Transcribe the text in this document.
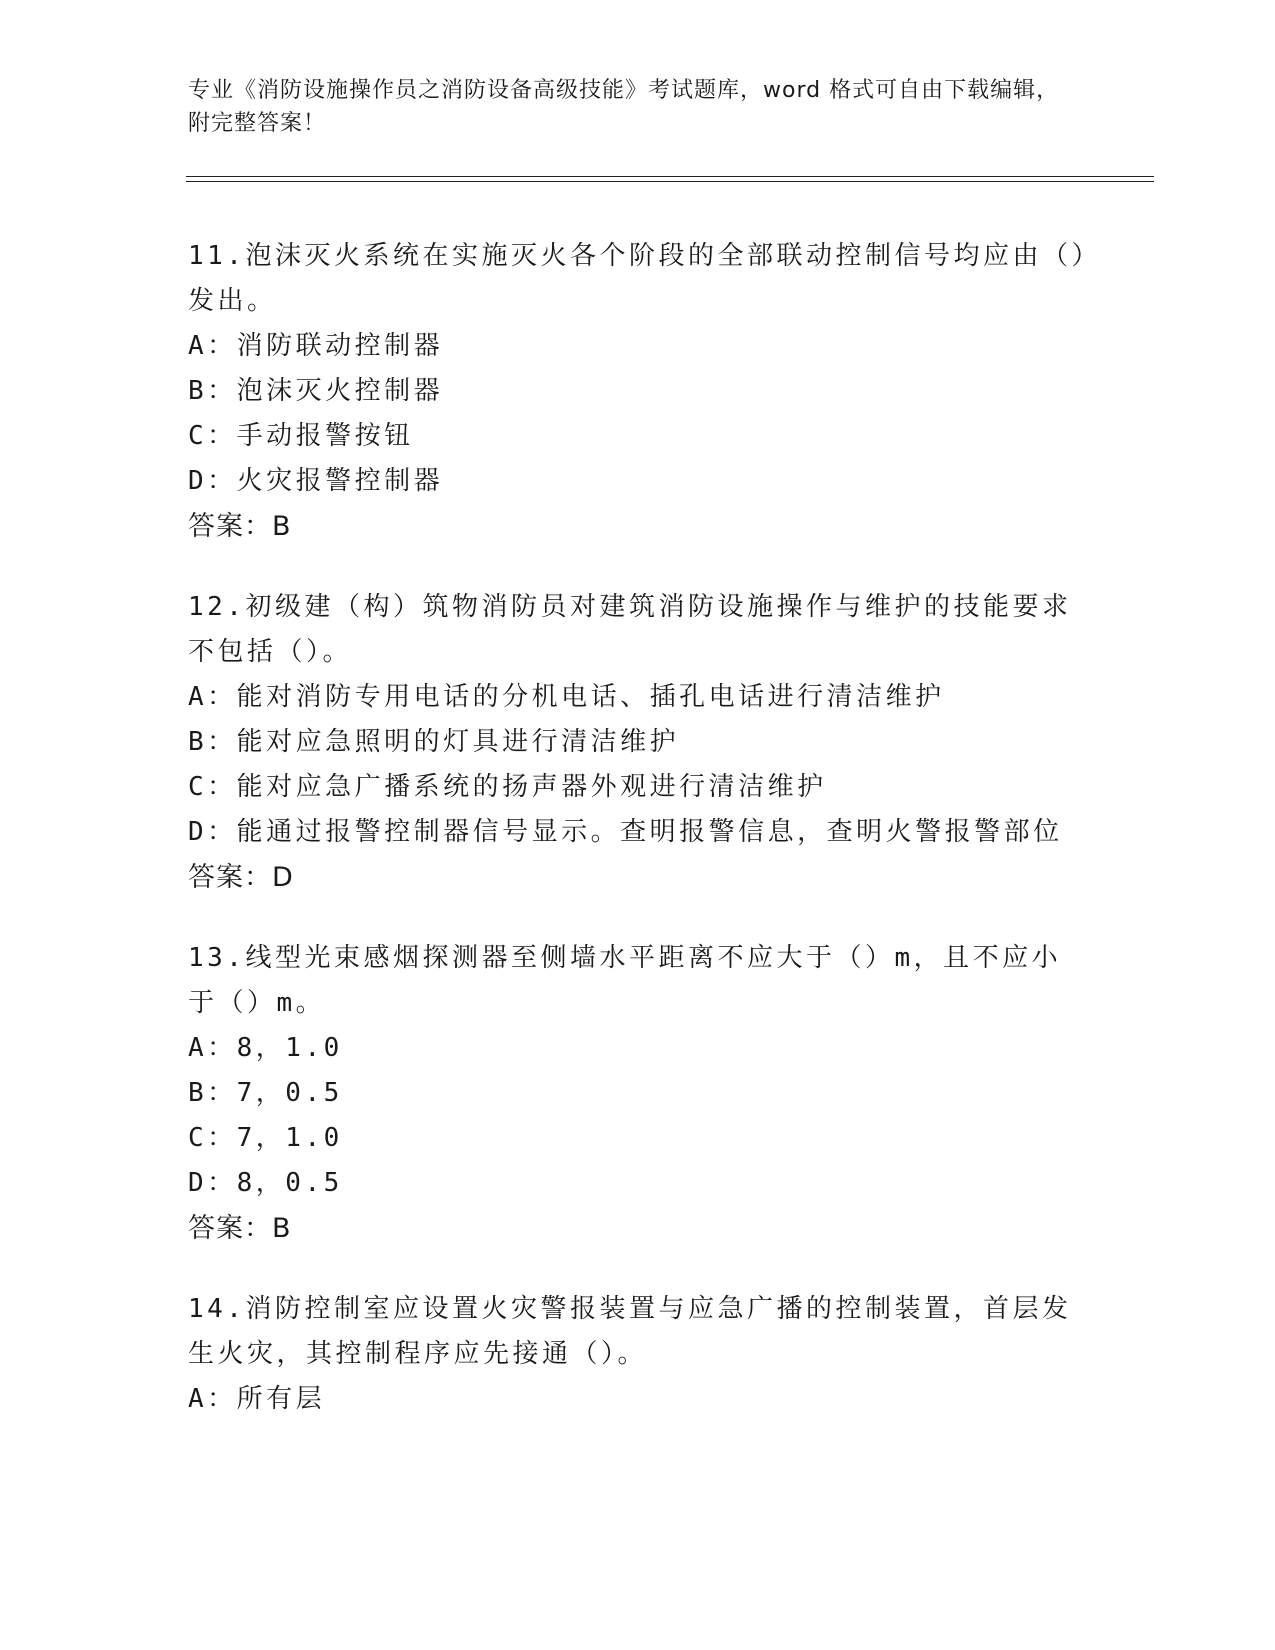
专业《消防设施操作员之消防设备高级技能》考试题库，word 格式可自由下载编辑，附完整答案！
11.泡沫灭火系统在实施灭火各个阶段的全部联动控制信号均应由（）发出。
A：消防联动控制器
B：泡沫灭火控制器
C：手动报警按钮
D：火灾报警控制器
答案：B
12.初级建（构）筑物消防员对建筑消防设施操作与维护的技能要求不包括（）。
A：能对消防专用电话的分机电话、插孔电话进行清洁维护
B：能对应急照明的灯具进行清洁维护
C：能对应急广播系统的扬声器外观进行清洁维护
D：能通过报警控制器信号显示。查明报警信息，查明火警报警部位
答案：D
13.线型光束感烟探测器至侧墙水平距离不应大于（）m，且不应小于（）m。
A：8，1.0
B：7，0.5
C：7，1.0
D：8，0.5
答案：B
14.消防控制室应设置火灾警报装置与应急广播的控制装置，首层发生火灾，其控制程序应先接通（）。
A：所有层
